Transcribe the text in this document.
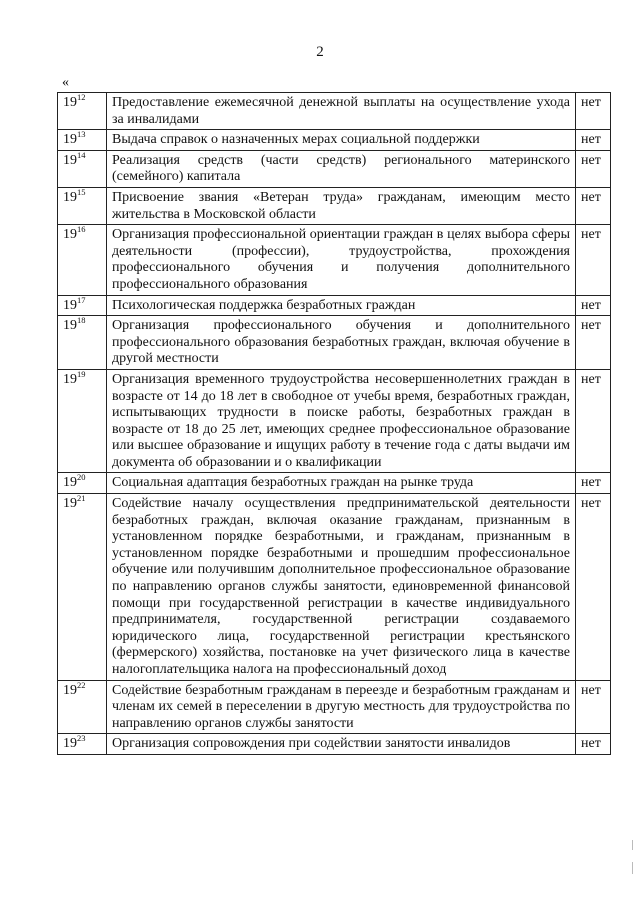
2
«
$19^{12}$	Предоставление ежемесячной денежной выплаты на осуществление ухода за инвалидами	нет
$19^{13}$	Выдача справок о назначенных мерах социальной поддержки	нет
$19^{14}$	Реализация средств (части средств) регионального материнского (семейного) капитала	нет
$19^{15}$	Присвоение звания «Ветеран труда» гражданам, имеющим место жительства в Московской области	нет
$19^{16}$	Организация профессиональной ориентации граждан в целях выбора сферы деятельности (профессии), трудоустройства, прохождения профессионального обучения и получения дополнительного профессионального образования	нет
$19^{17}$	Психологическая поддержка безработных граждан	нет
$19^{18}$	Организация профессионального обучения и дополнительного профессионального образования безработных граждан, включая обучение в другой местности	нет
$19^{19}$	Организация временного трудоустройства несовершеннолетних граждан в возрасте от 14 до 18 лет в свободное от учебы время, безработных граждан, испытывающих трудности в поиске работы, безработных граждан в возрасте от 18 до 25 лет, имеющих среднее профессиональное образование или высшее образование и ищущих работу в течение года с даты выдачи им документа об образовании и о квалификации	нет
$19^{20}$	Социальная адаптация безработных граждан на рынке труда	нет
$19^{21}$	Содействие началу осуществления предпринимательской деятельности безработных граждан, включая оказание гражданам, признанным в установленном порядке безработными, и гражданам, признанным в установленном порядке безработными и прошедшим профессиональное обучение или получившим дополнительное профессиональное образование по направлению органов службы занятости, единовременной финансовой помощи при государственной регистрации в качестве индивидуального предпринимателя, государственной регистрации создаваемого юридического лица, государственной регистрации крестьянского (фермерского) хозяйства, постановке на учет физического лица в качестве налогоплательщика налога на профессиональный доход	нет
$19^{22}$	Содействие безработным гражданам в переезде и безработным гражданам и членам их семей в переселении в другую местность для трудоустройства по направлению органов службы занятости	нет
$19^{23}$	Организация сопровождения при содействии занятости инвалидов	нет
